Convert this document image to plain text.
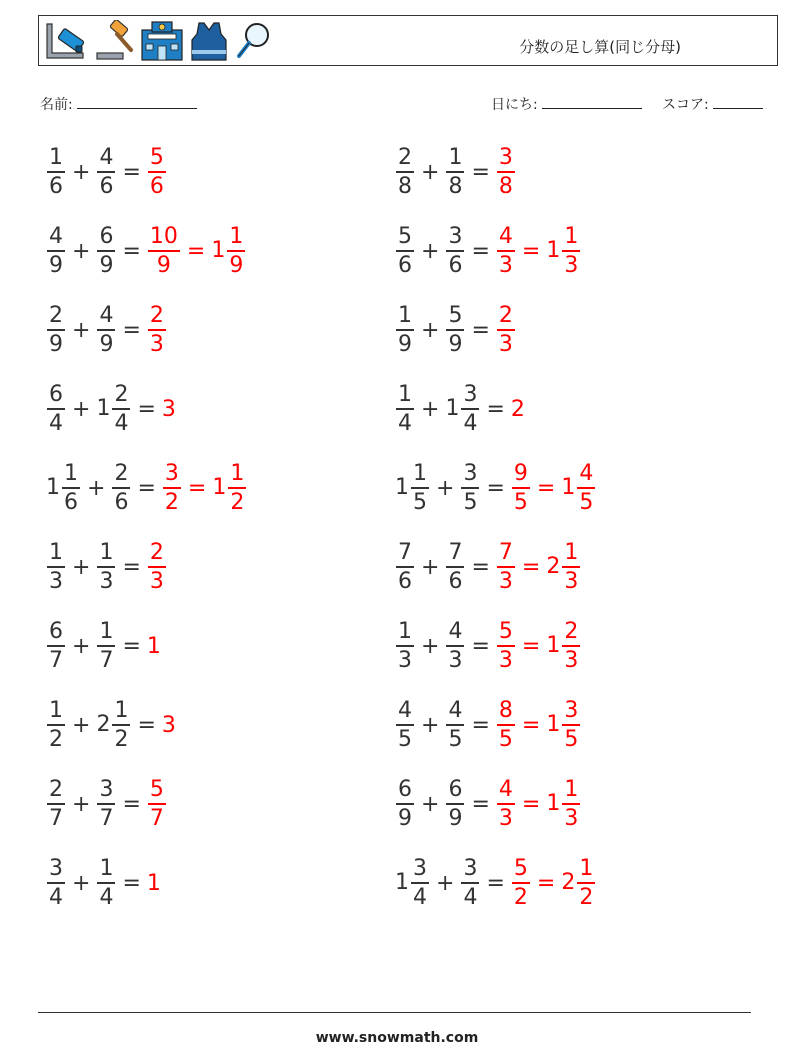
分数の足し算(同じ分母)
名前:	日にち:	スコア:
$\frac{1}{6} + \frac{4}{6} = \frac{5}{6}$	$\frac{2}{8} + \frac{1}{8} = \frac{3}{8}$
$\frac{4}{9} + \frac{6}{9} = \frac{10}{9} = 1 \frac{1}{9}$	$\frac{5}{6} + \frac{3}{6} = \frac{4}{3} = 1 \frac{1}{3}$
$\frac{2}{9} + \frac{4}{9} = \frac{2}{3}$	$\frac{1}{9} + \frac{5}{9} = \frac{2}{3}$
$\frac{6}{4} + 1 \frac{2}{4} = 3$	$\frac{1}{4} + 1 \frac{3}{4} = 2$
$1 \frac{1}{6} + \frac{2}{6} = \frac{3}{2} = 1 \frac{1}{2}$	$1 \frac{1}{5} + \frac{3}{5} = \frac{9}{5} = 1 \frac{4}{5}$
$\frac{1}{3} + \frac{1}{3} = \frac{2}{3}$	$\frac{7}{6} + \frac{7}{6} = \frac{7}{3} = 2 \frac{1}{3}$
$\frac{6}{7} + \frac{1}{7} = 1$	$\frac{1}{3} + \frac{4}{3} = \frac{5}{3} = 1 \frac{2}{3}$
$\frac{1}{2} + 2 \frac{1}{2} = 3$	$\frac{4}{5} + \frac{4}{5} = \frac{8}{5} = 1 \frac{3}{5}$
$\frac{2}{7} + \frac{3}{7} = \frac{5}{7}$	$\frac{6}{9} + \frac{6}{9} = \frac{4}{3} = 1 \frac{1}{3}$
$\frac{3}{4} + \frac{1}{4} = 1$	$1 \frac{3}{4} + \frac{3}{4} = \frac{5}{2} = 2 \frac{1}{2}$
www.snowmath.com
